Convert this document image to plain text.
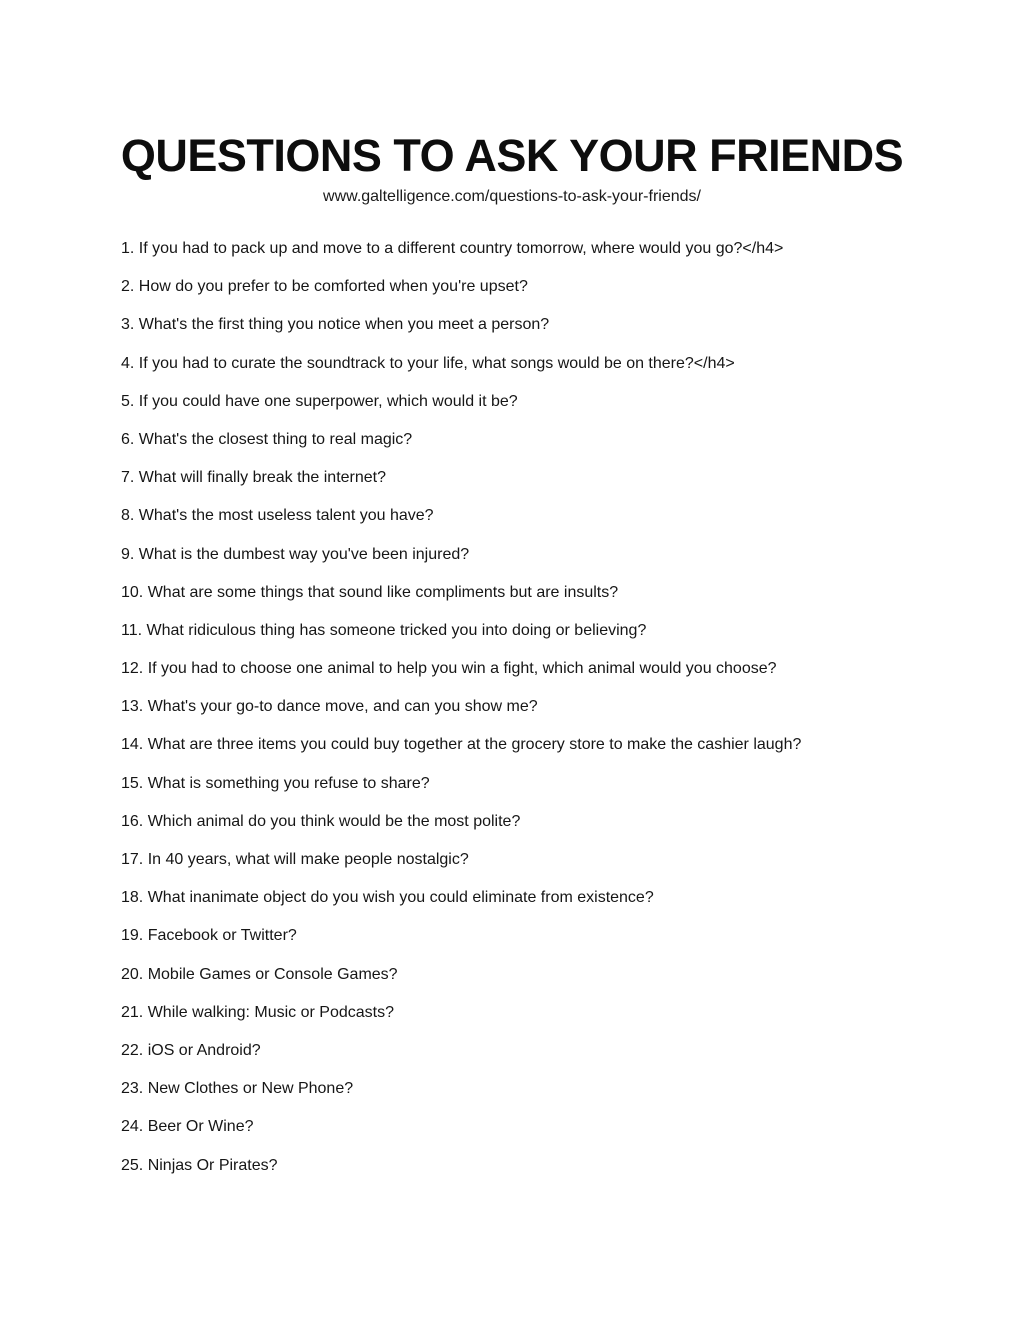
QUESTIONS TO ASK YOUR FRIENDS
www.galtelligence.com/questions-to-ask-your-friends/
1. If you had to pack up and move to a different country tomorrow, where would you go?</h4>
2. How do you prefer to be comforted when you're upset?
3. What's the first thing you notice when you meet a person?
4. If you had to curate the soundtrack to your life, what songs would be on there?</h4>
5. If you could have one superpower, which would it be?
6. What's the closest thing to real magic?
7. What will finally break the internet?
8. What's the most useless talent you have?
9. What is the dumbest way you've been injured?
10. What are some things that sound like compliments but are insults?
11. What ridiculous thing has someone tricked you into doing or believing?
12. If you had to choose one animal to help you win a fight, which animal would you choose?
13. What's your go-to dance move, and can you show me?
14. What are three items you could buy together at the grocery store to make the cashier laugh?
15. What is something you refuse to share?
16. Which animal do you think would be the most polite?
17. In 40 years, what will make people nostalgic?
18. What inanimate object do you wish you could eliminate from existence?
19. Facebook or Twitter?
20. Mobile Games or Console Games?
21. While walking: Music or Podcasts?
22. iOS or Android?
23. New Clothes or New Phone?
24. Beer Or Wine?
25. Ninjas Or Pirates?
